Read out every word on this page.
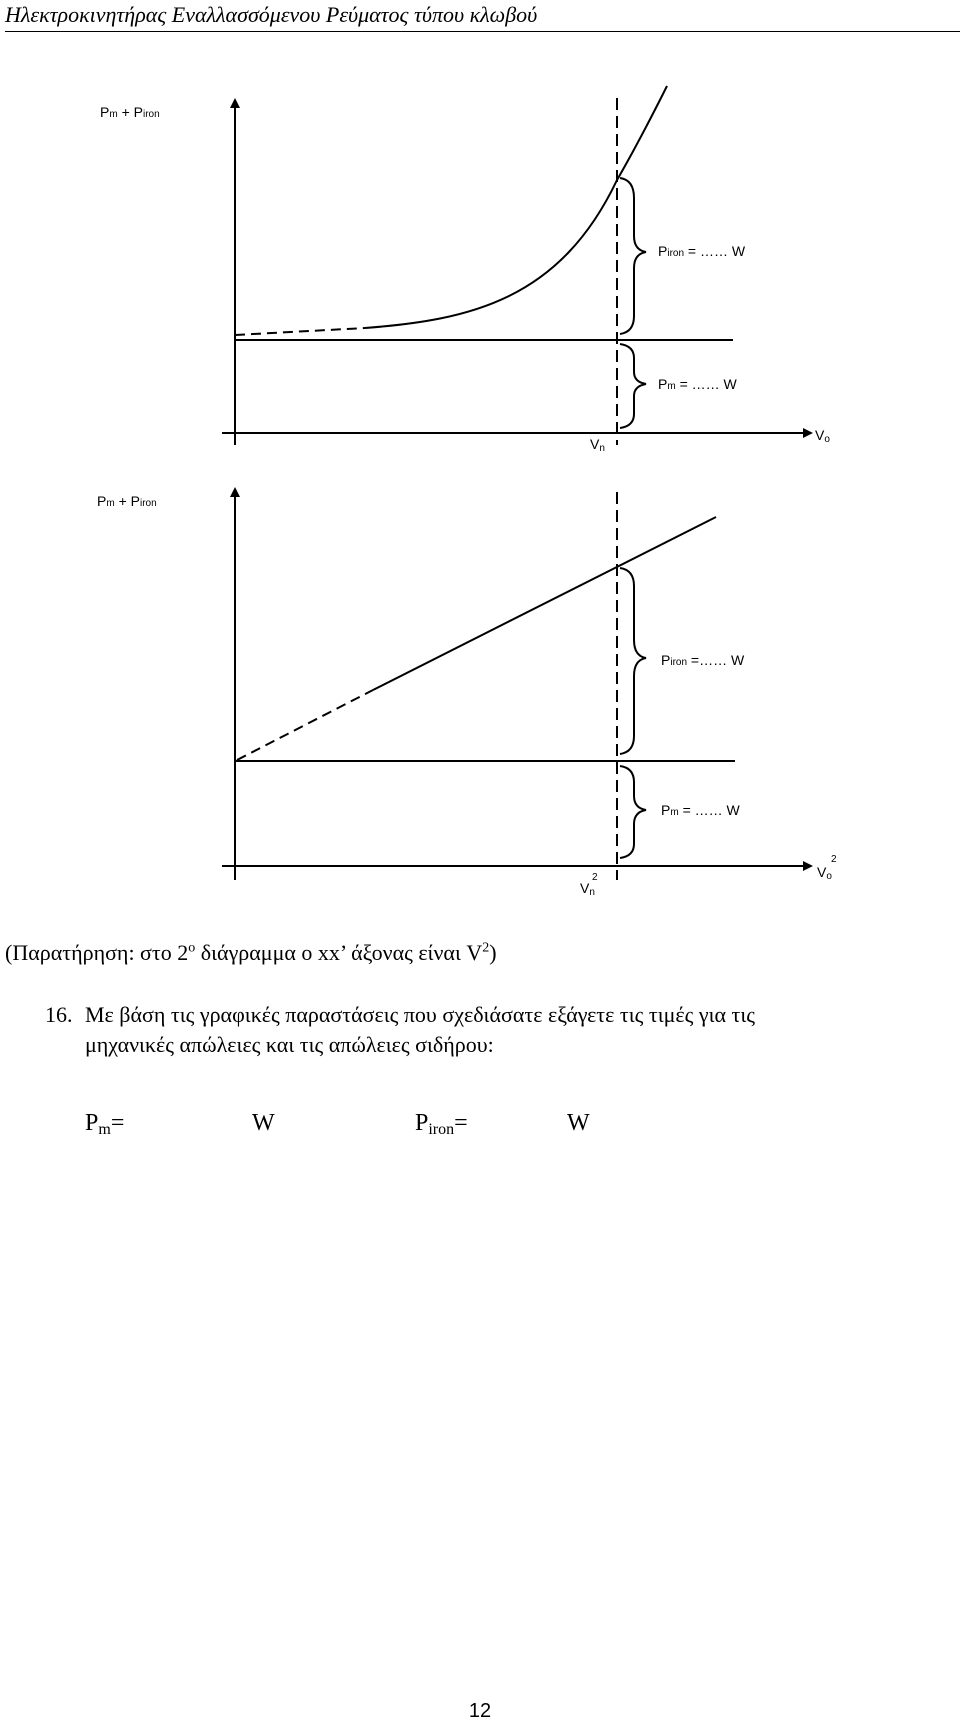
Ηλεκτροκινητήρας Εναλλασσόμενου Ρεύματος τύπου κλωβού
Pm + Piron
Vo
Vn
Piron = …… W
Pm = …… W
Pm + Piron
Vo
2
Vn
2
Piron =…… W
Pm = …… W
(Παρατήρηση: στο $2^o$ διάγραμμα ο xx’ άξονας είναι $V^2$)
16. Με βάση τις γραφικές παραστάσεις που σχεδιάσατε εξάγετε τις τιμές για τις
μηχανικές απώλειες και τις απώλειες σιδήρου:
$P_m=$	W	$P_{iron}=$	W
12
